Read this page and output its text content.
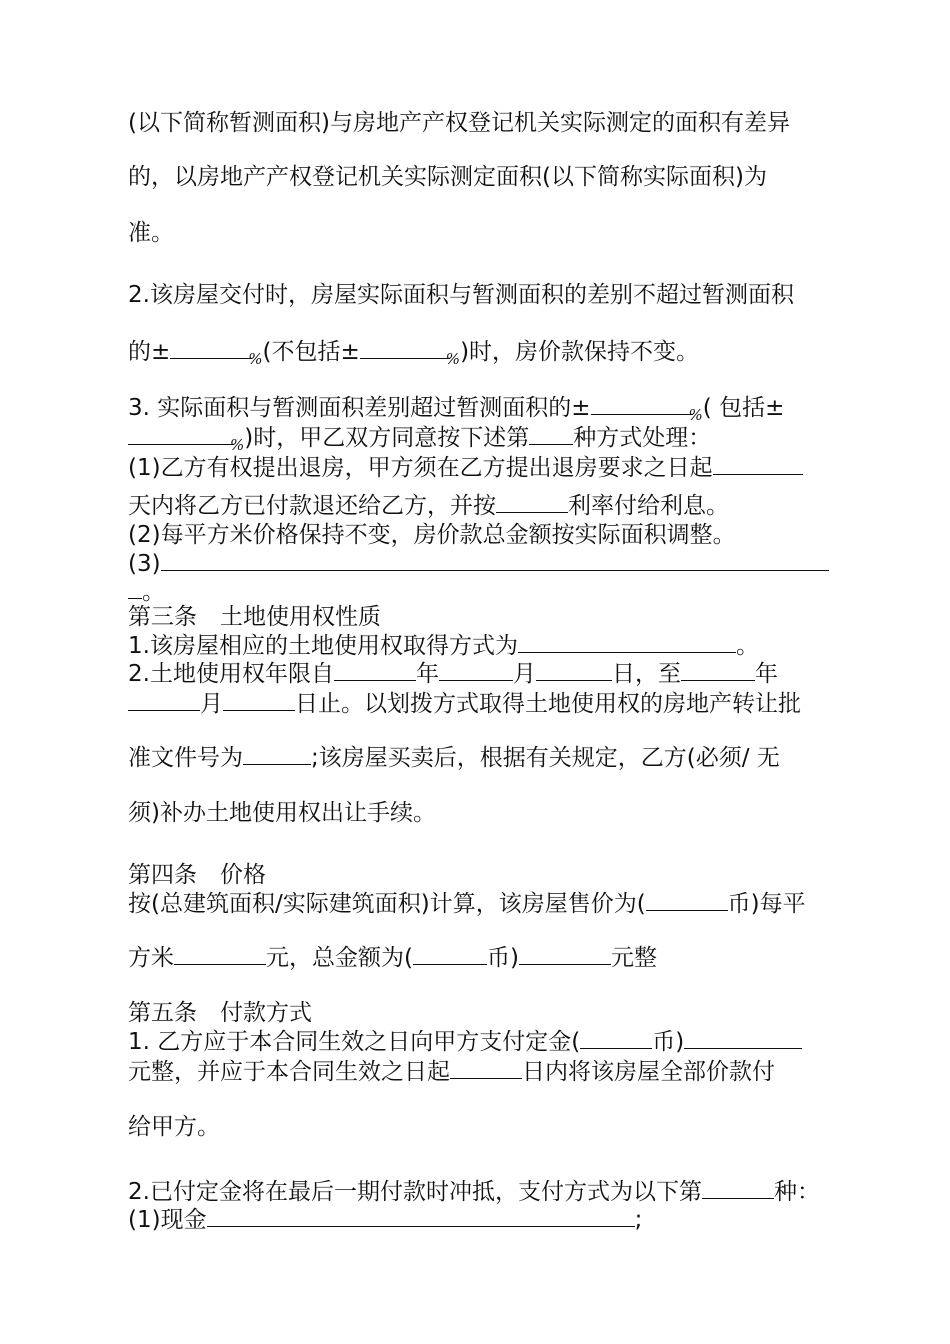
(以下简称暂测面积)与房地产产权登记机关实际测定的面积有差异
的，以房地产产权登记机关实际测定面积(以下简称实际面积)为
准。
2.该房屋交付时，房屋实际面积与暂测面积的差别不超过暂测面积
的±	$_{\%}$(不包括±	$_{\%}$)时，房价款保持不变。
3. 实际面积与暂测面积差别超过暂测面积的±	$_{\%}$( 包括±
$_{\%}$)时，甲乙双方同意按下述第 种方式处理：
(1)乙方有权提出退房，甲方须在乙方提出退房要求之日起
天内将乙方已付款退还给乙方，并按	利率付给利息。
(2)每平方米价格保持不变，房价款总金额按实际面积调整。
(3)
。
第三条　土地使用权性质
1.该房屋相应的土地使用权取得方式为	。
2.土地使用权年限自	年	月	日，至	年
月	日止。以划拨方式取得土地使用权的房地产转让批
准文件号为	;该房屋买卖后，根据有关规定，乙方(必须/ 无
须)补办土地使用权出让手续。
第四条　价格
按(总建筑面积/实际建筑面积)计算，该房屋售价为(	币)每平
方米	元，总金额为(	币)	元整
第五条　付款方式
1. 乙方应于本合同生效之日向甲方支付定金(	币)
元整，并应于本合同生效之日起	日内将该房屋全部价款付
给甲方。
2.已付定金将在最后一期付款时冲抵，支付方式为以下第	种：
(1)现金	;
